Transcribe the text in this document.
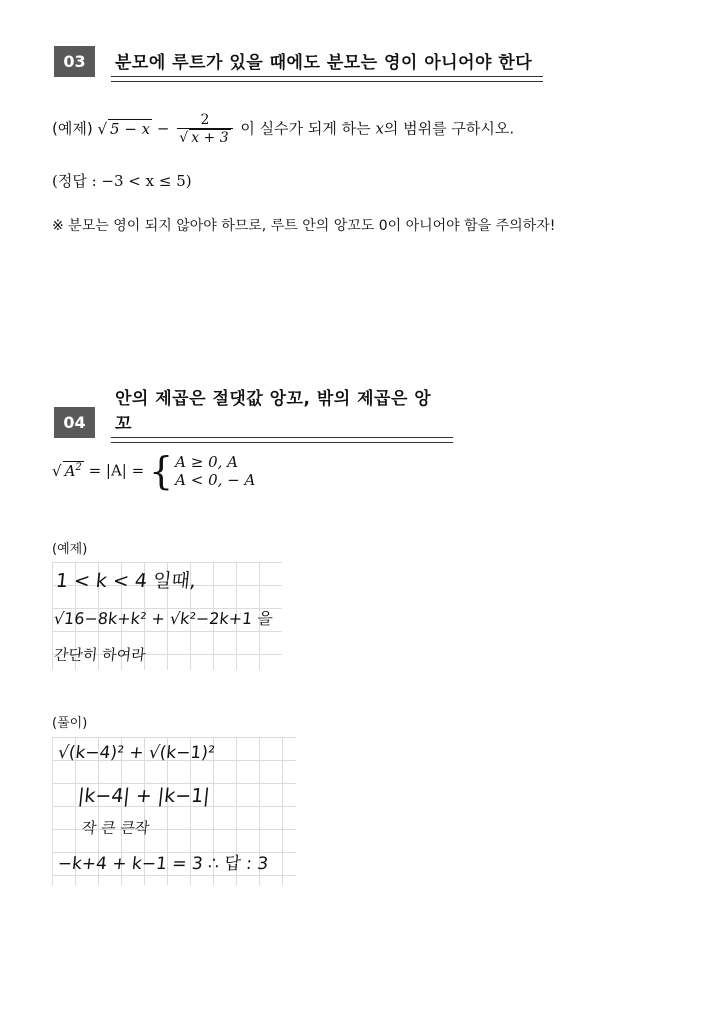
03	분모에 루트가 있을 때에도 분모는 영이 아니어야 한다
(예제) √ $5 - x - \frac{2}{√ x + 3}$ 이 실수가 되게 하는 x의 범위를 구하시오.
(정답 : −3 < x ≤ 5)
※ 분모는 영이 되지 않아야 하므로, 루트 안의 앙꼬도 0이 아니어야 함을 주의하자!
04
안의 제곱은 절댓값 앙꼬, 밖의 제곱은 앙꼬
√ $A^2 = |A|$ = { A ≥ 0, A
A < 0, − A
(예제)
1 < k < 4 일때,
√16−8k+k² + √k²−2k+1 을
간단히 하여라
(풀이)
√(k−4)² + √(k−1)²
|k−4| + |k−1|
작 큰 큰작
−k+4 + k−1 = 3 ∴ 답 : 3
